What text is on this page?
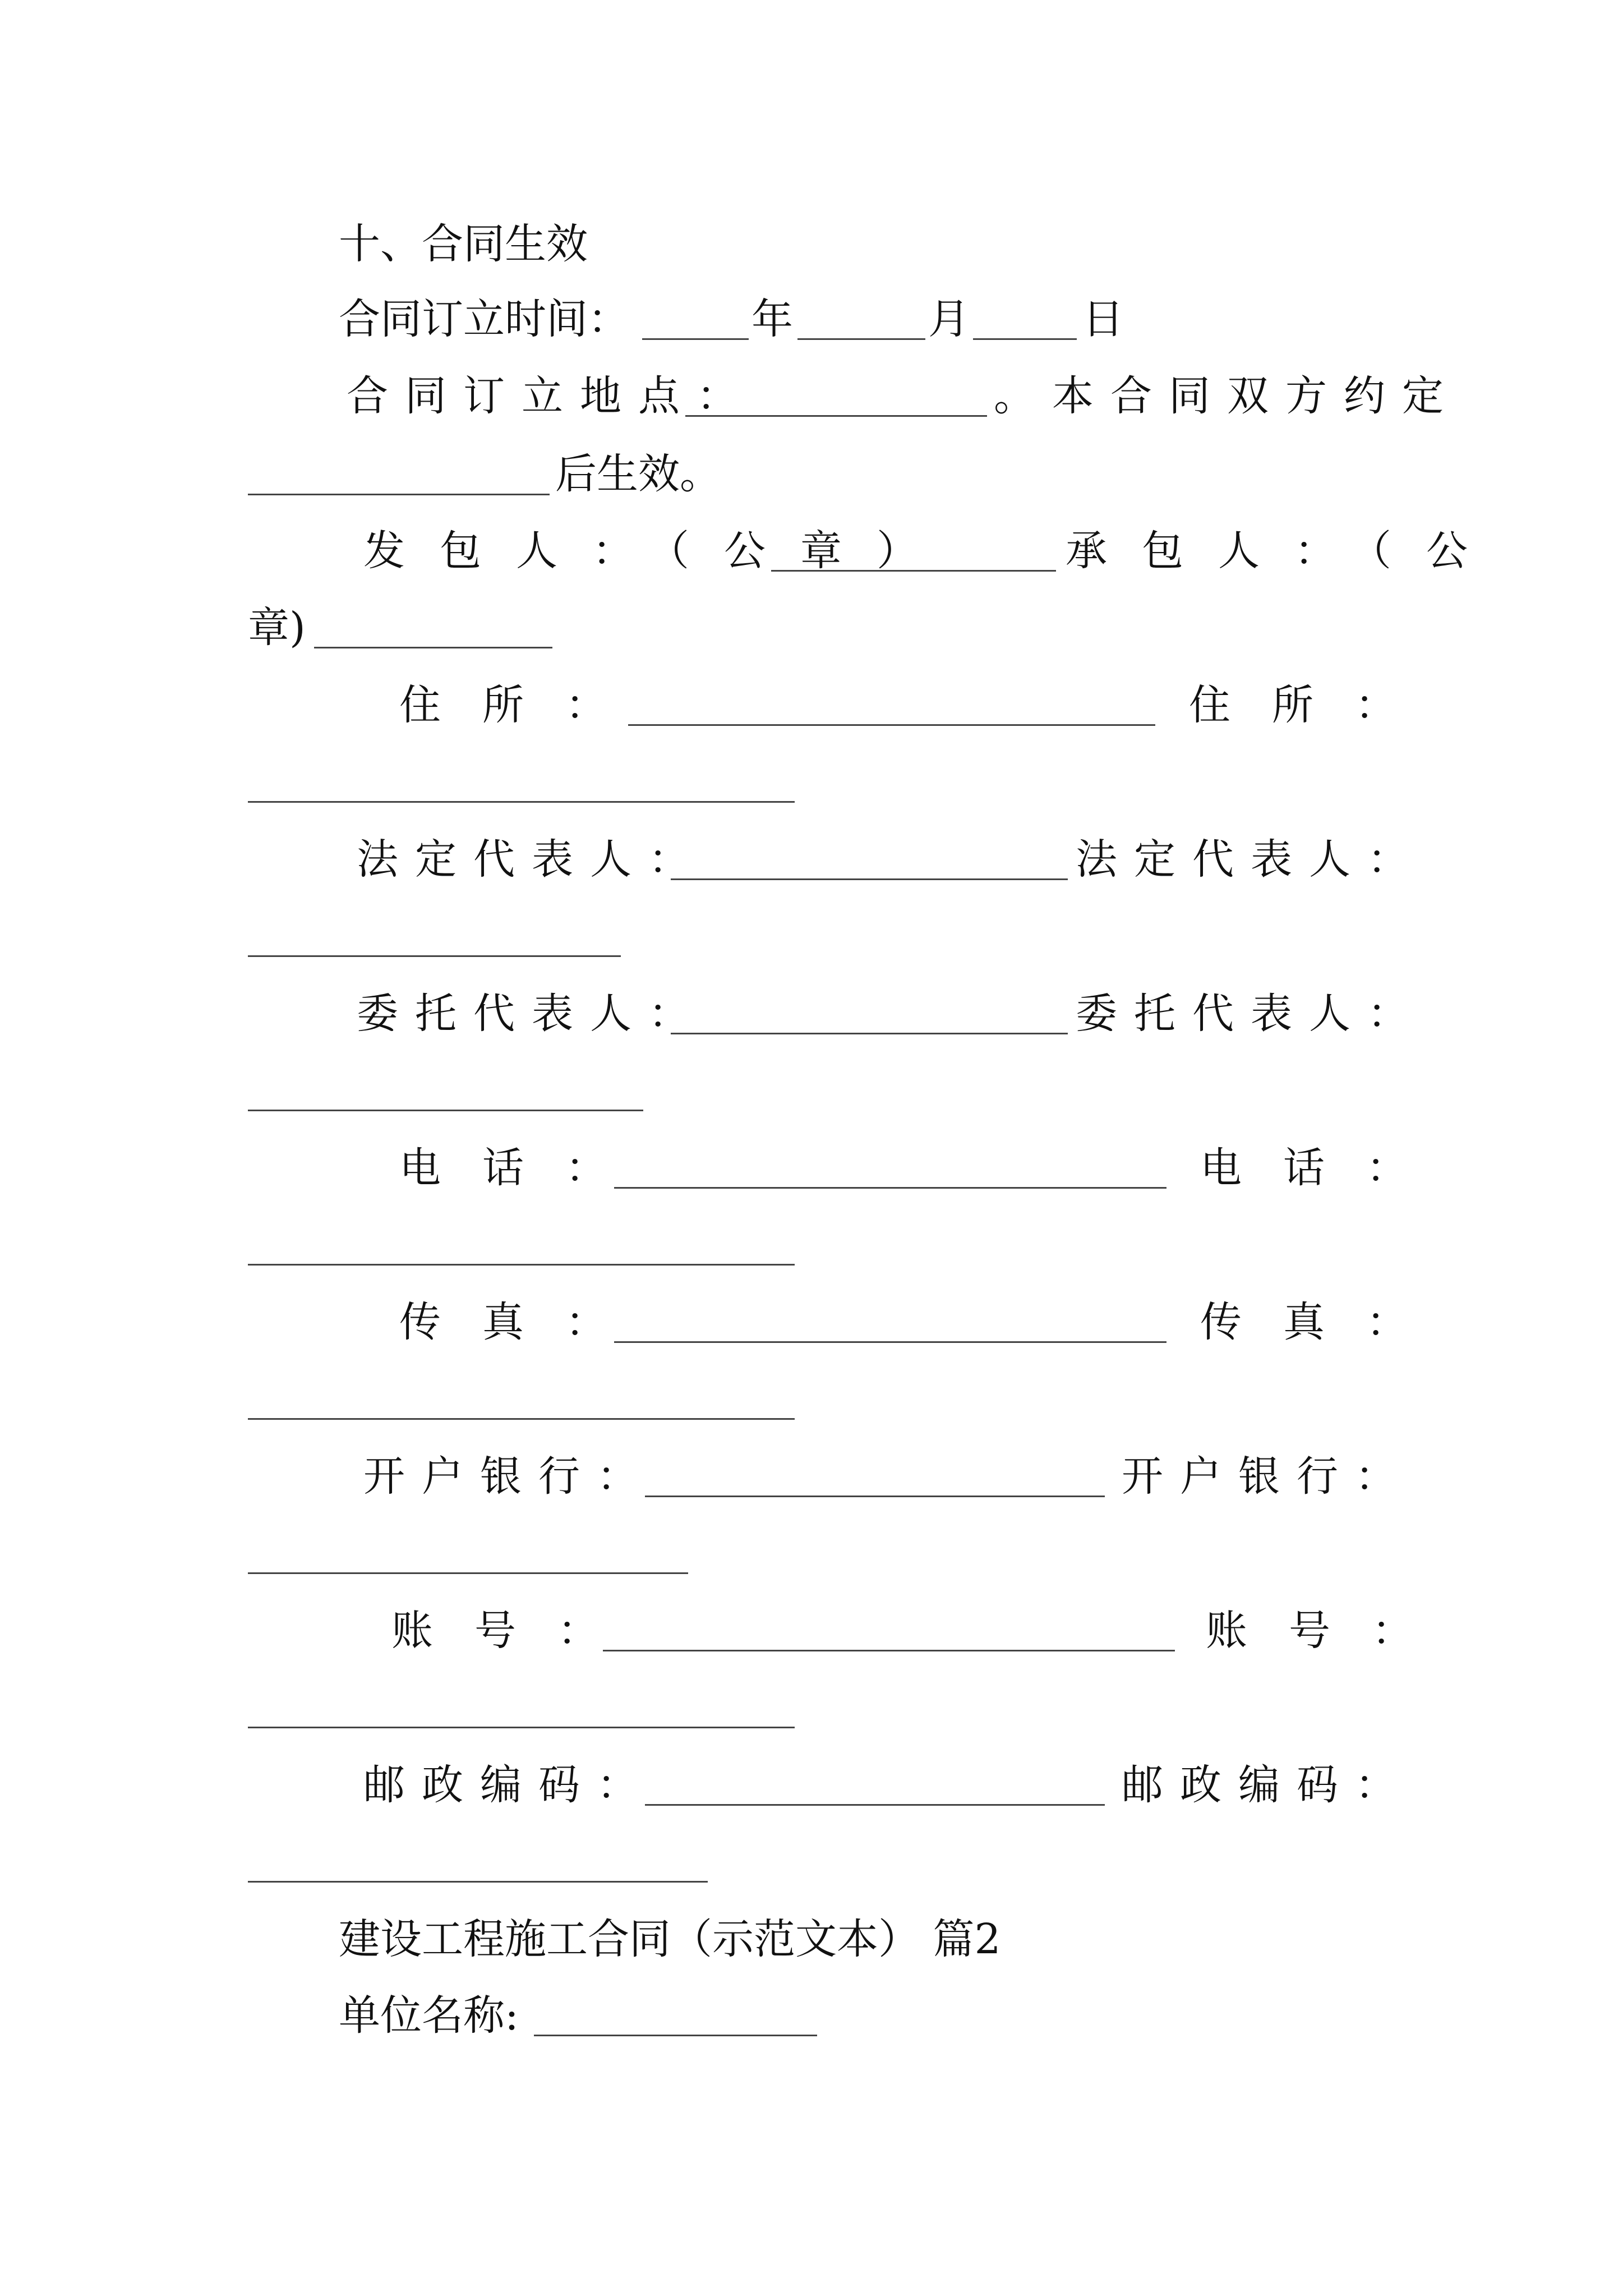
十、合同生效
合同订立时间：	年	月	日
合同订立地点：	。本合同双方约定
后生效。
发包人：（公章）	承包人：（公
章)
住所：	住所：
法定代表人：	法定代表人：
委托代表人：	委托代表人：
电话：	电话：
传真：	传真：
开户银行：	开户银行：
账号：	账号：
邮政编码：	邮政编码：
建设工程施工合同（示范文本） 篇2
单位名称:
